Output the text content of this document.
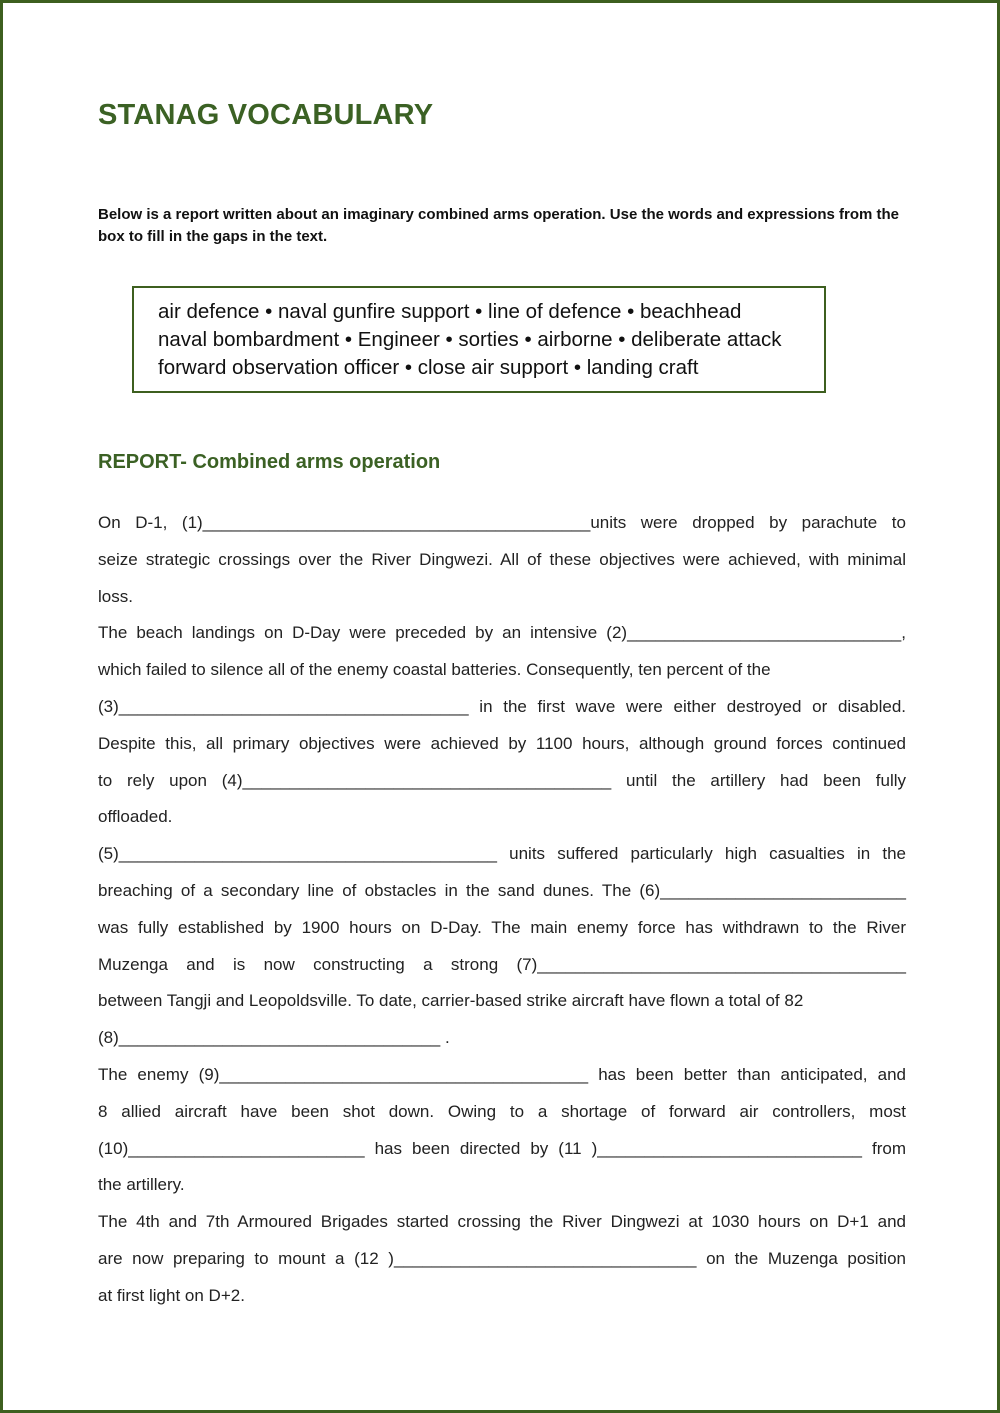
STANAG VOCABULARY
Below is a report written about an imaginary combined arms operation. Use the words and expressions from the box to fill in the gaps in the text.
air defence • naval gunfire support • line of defence • beachhead
naval bombardment • Engineer • sorties • airborne • deliberate attack
forward observation officer • close air support • landing craft
REPORT- Combined arms operation
On D-1, (1)_________________________________________units were dropped by parachute to
seize strategic crossings over the River Dingwezi. All of these objectives were achieved, with minimal
loss.
The beach landings on D-Day were preceded by an intensive (2)_____________________________,
which failed to silence all of the enemy coastal batteries. Consequently, ten percent of the
(3)_____________________________________ in the first wave were either destroyed or disabled.
Despite this, all primary objectives were achieved by 1100 hours, although ground forces continued
to rely upon (4)_______________________________________ until the artillery had been fully
offloaded.
(5)________________________________________ units suffered particularly high casualties in the
breaching of a secondary line of obstacles in the sand dunes. The (6)__________________________
was fully established by 1900 hours on D-Day. The main enemy force has withdrawn to the River
Muzenga and is now constructing a strong (7)_______________________________________
between Tangji and Leopoldsville. To date, carrier-based strike aircraft have flown a total of 82
(8)__________________________________ .
The enemy (9)_______________________________________ has been better than anticipated, and
8 allied aircraft have been shot down. Owing to a shortage of forward air controllers, most
(10)_________________________ has been directed by (11 )____________________________ from
the artillery.
The 4th and 7th Armoured Brigades started crossing the River Dingwezi at 1030 hours on D+1 and
are now preparing to mount a (12 )________________________________ on the Muzenga position
at first light on D+2.
